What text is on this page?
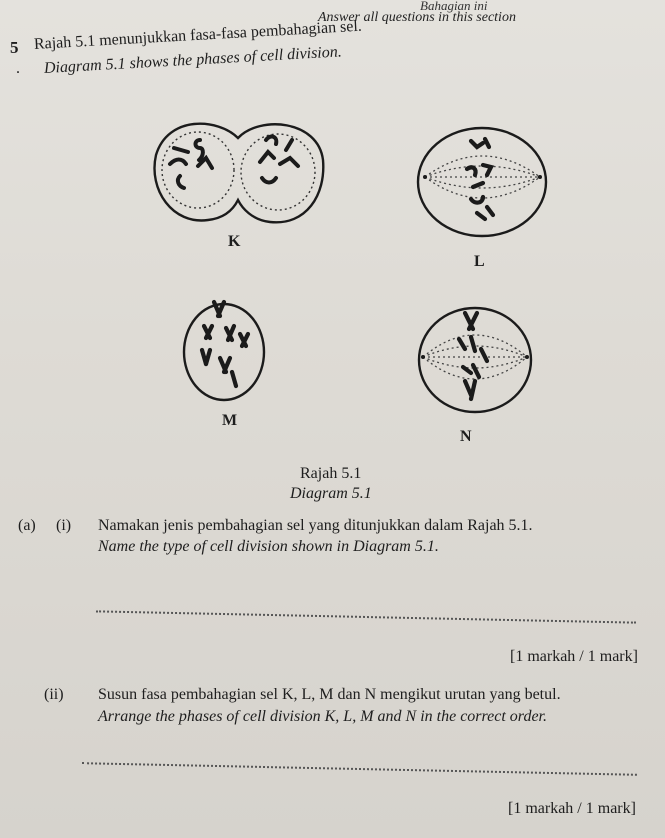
Bahagian ini
Answer all questions in this section
5 Rajah 5.1 menunjukkan fasa-fasa pembahagian sel.
. Diagram 5.1 shows the phases of cell division.
K
L
M
N
Rajah 5.1
Diagram 5.1
(a) (i) Namakan jenis pembahagian sel yang ditunjukkan dalam Rajah 5.1.
Name the type of cell division shown in Diagram 5.1.
[1 markah / 1 mark]
(ii) Susun fasa pembahagian sel K, L, M dan N mengikut urutan yang betul.
Arrange the phases of cell division K, L, M and N in the correct order.
[1 markah / 1 mark]
